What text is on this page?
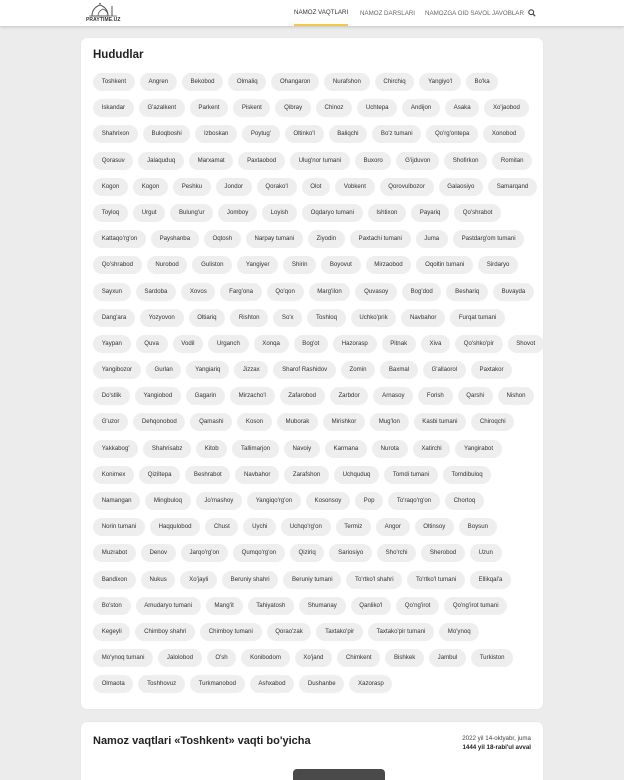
PRAYTIME.UZ
NAMOZ VAQTLARI NAMOZ DARSLARI NAMOZGA OID SAVOL JAVOBLAR
Hududlar
Toshkent	Angren	Bekobod	Olmaliq	Ohangaron	Nurafshon	Chirchiq	Yangiyo'l	Bo'ka
Iskandar	G'azalkent	Parkent	Piskent	Qibray	Chinoz	Uchtepa	Andijon	Asaka	Xo'jaobod
Shahrixon	Buloqboshi	Izboskan	Poytug'	Oltinko'l	Baliqchi	Bo'z tumani	Qo'rg'ontepa	Xonobod
Qorasuv	Jalaquduq	Marxamat	Paxtaobod	Ulug'nor tumani	Buxoro	G'ijduvon	Shofirkon	Romitan
Kogon	Kogon	Peshku	Jondor	Qorako'l	Olot	Vobkent	Qorovulbozor	Galaosiyo	Samarqand
Toyloq	Urgut	Bulung'ur	Jomboy	Loyish	Oqdaryo tumani	Ishtixon	Payariq	Qo'shrabot
Kattaqo'rg'on	Payshanba	Oqtosh	Narpay tumani	Ziyodin	Paxtachi tumani	Juma	Pastdarg'om tumani
Qo'shrabod	Nurobod	Guliston	Yangiyer	Shirin	Boyovut	Mirzaobod	Oqoltin tumani	Sirdaryo
Sayxun	Sardoba	Xovos	Farg'ona	Qo'qon	Marg'ilon	Quvasoy	Bog'dod	Beshariq	Buvayda
Dang'ara	Yozyovon	Oltiariq	Rishton	So'x	Toshloq	Uchko'prik	Navbahor	Furqat tumani
Yaypan	Quva	Vodil	Urganch	Xonqa	Bog'ot	Hazorasp	Pitnak	Xiva	Qo'shko'pir	Shovot
Yangibozor	Gurlan	Yangiariq	Jizzax	Sharof Rashidov	Zomin	Baxmal	G'allaorol	Paxtakor
Do'stlik	Yangiobod	Gagarin	Mirzacho'l	Zafarobod	Zarbdor	Arnasoy	Forish	Qarshi	Nishon
G'uzor	Dehqonobod	Qamashi	Koson	Muborak	Mirishkor	Mug'lon	Kasbi tumani	Chiroqchi
Yakkabog'	Shahrisabz	Kitob	Tallimarjon	Navoiy	Karmana	Nurota	Xatirchi	Yangirabot
Konimex	Qiziltepa	Beshrabot	Navbahor	Zarafshon	Uchquduq	Tomdi tumani	Tomdibuloq
Namangan	Mingbuloq	Jo'mashoy	Yangiqo'rg'on	Kosonsoy	Pop	To'raqo'rg'on	Chortoq
Norin tumani	Haqqulobod	Chust	Uychi	Uchqo'rg'on	Termiz	Angor	Oltinsoy	Boysun
Muzrabot	Denov	Jarqo'rg'on	Qumqo'rg'on	Qiziriq	Sariosiyo	Sho'rchi	Sherobod	Uzun
Bandixon	Nukus	Xo'jayli	Beruniy shahri	Beruniy tumani	To'rtko'l shahri	To'rtko'l tumani	Ellikqal'a
Bo'ston	Amudaryo tumani	Mang'it	Tahiyatosh	Shumanay	Qanliko'l	Qo'ng'irot	Qo'ng'irot tumani
Kegeyli	Chimboy shahri	Chimboy tumani	Qorao'zak	Taxtako'pir	Taxtako'pir tumani	Mo'ynoq
Mo'ynoq tumani	Jalolobod	O'sh	Konibodom	Xo'jand	Chimkent	Bishkek	Jambul	Turkiston
Olmaota	Toshhovuz	Turkmanobod	Ashxabod	Dushanbe	Xazorasp
Namoz vaqtlari «Toshkent» vaqti bo'yicha	2022 yil 14-oktyabr, juma
1444 yil 18-rabi'ul avval
